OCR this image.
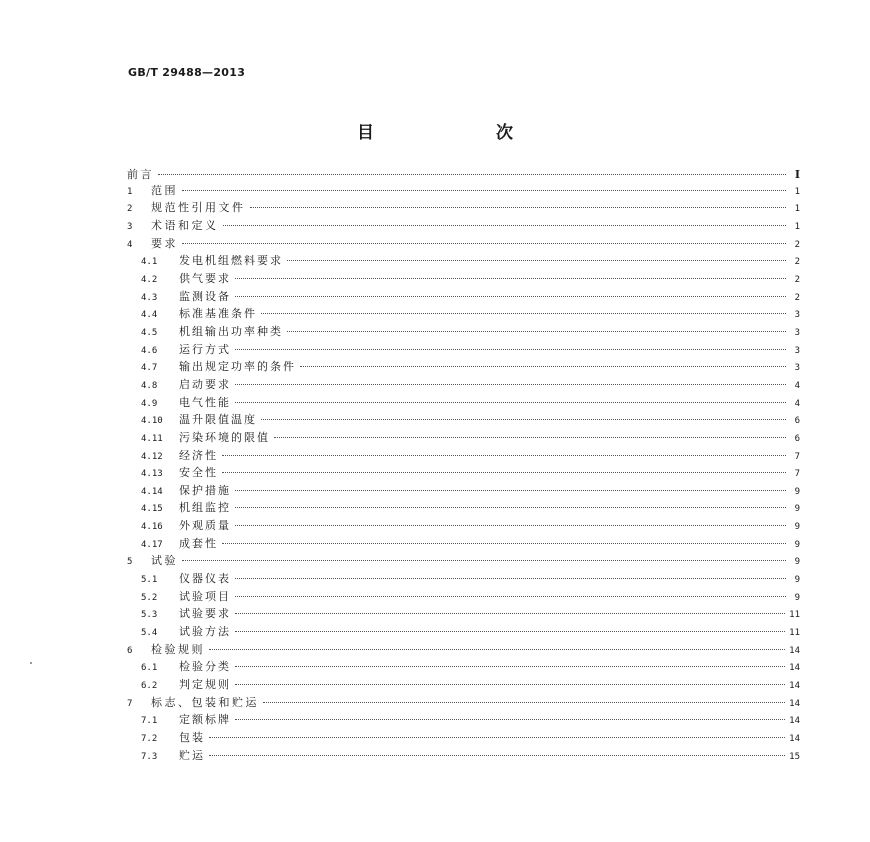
GB/T 29488—2013
目 次
前言	I
1	范围	1
2	规范性引用文件	1
3	术语和定义	1
4	要求	2
4.1	发电机组燃料要求	2
4.2	供气要求	2
4.3	监测设备	2
4.4	标准基准条件	3
4.5	机组输出功率种类	3
4.6	运行方式	3
4.7	输出规定功率的条件	3
4.8	启动要求	4
4.9	电气性能	4
4.10	温升限值温度	6
4.11	污染环境的限值	6
4.12	经济性	7
4.13	安全性	7
4.14	保护措施	9
4.15	机组监控	9
4.16	外观质量	9
4.17	成套性	9
5	试验	9
5.1	仪器仪表	9
5.2	试验项目	9
5.3	试验要求	11
5.4	试验方法	11
6	检验规则	14
6.1	检验分类	14
6.2	判定规则	14
7	标志、包装和贮运	14
7.1	定额标牌	14
7.2	包装	14
7.3	贮运	15
